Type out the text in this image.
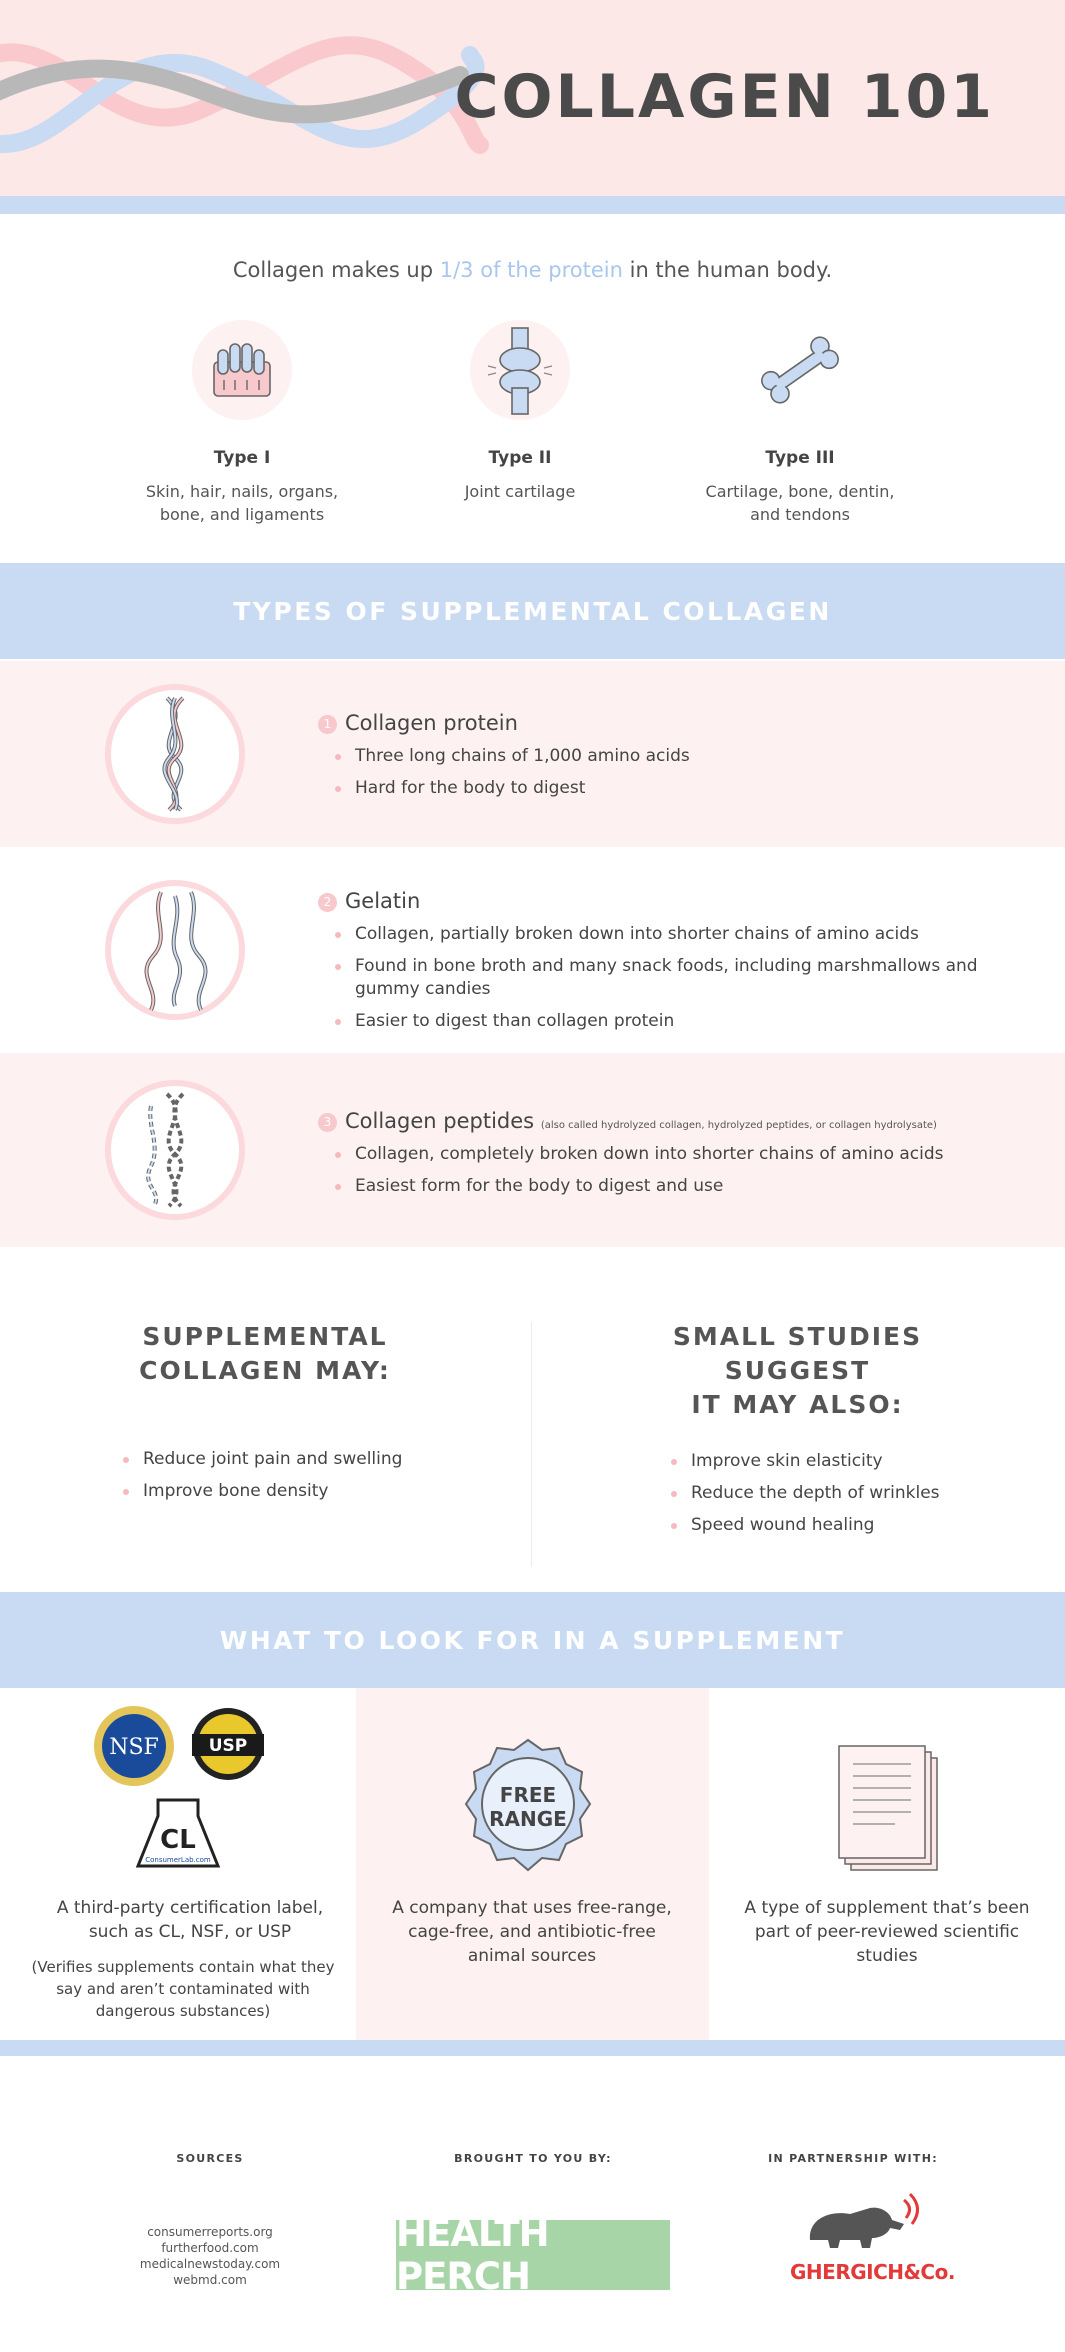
COLLAGEN 101
Collagen makes up 1/3 of the protein in the human body.
Type I
Skin, hair, nails, organs, bone, and ligaments
Type II
Joint cartilage
Type III
Cartilage, bone, dentin, and tendons
TYPES OF SUPPLEMENTAL COLLAGEN
1 Collagen protein
Three long chains of 1,000 amino acids
Hard for the body to digest
2 Gelatin
Collagen, partially broken down into shorter chains of amino acids
Found in bone broth and many snack foods, including marshmallows and gummy candies
Easier to digest than collagen protein
3 Collagen peptides (also called hydrolyzed collagen, hydrolyzed peptides, or collagen hydrolysate)
Collagen, completely broken down into shorter chains of amino acids
Easiest form for the body to digest and use
SUPPLEMENTAL
COLLAGEN MAY:
Reduce joint pain and swelling
Improve bone density
SMALL STUDIES SUGGEST
IT MAY ALSO:
Improve skin elasticity
Reduce the depth of wrinkles
Speed wound healing
WHAT TO LOOK FOR IN A SUPPLEMENT
NSF	USP
CL
ConsumerLab.com
A third-party certification label, such as CL, NSF, or USP
(Verifies supplements contain what they say and aren’t contaminated with dangerous substances)
FREE
RANGE
A company that uses free-range, cage-free, and antibiotic-free animal sources
A type of supplement that’s been part of peer-reviewed scientific studies
SOURCES	BROUGHT TO YOU BY:	IN PARTNERSHIP WITH:
consumerreports.org
furtherfood.com
medicalnewstoday.com
webmd.com
HEALTH PERCH	GHERGICH&Co.
